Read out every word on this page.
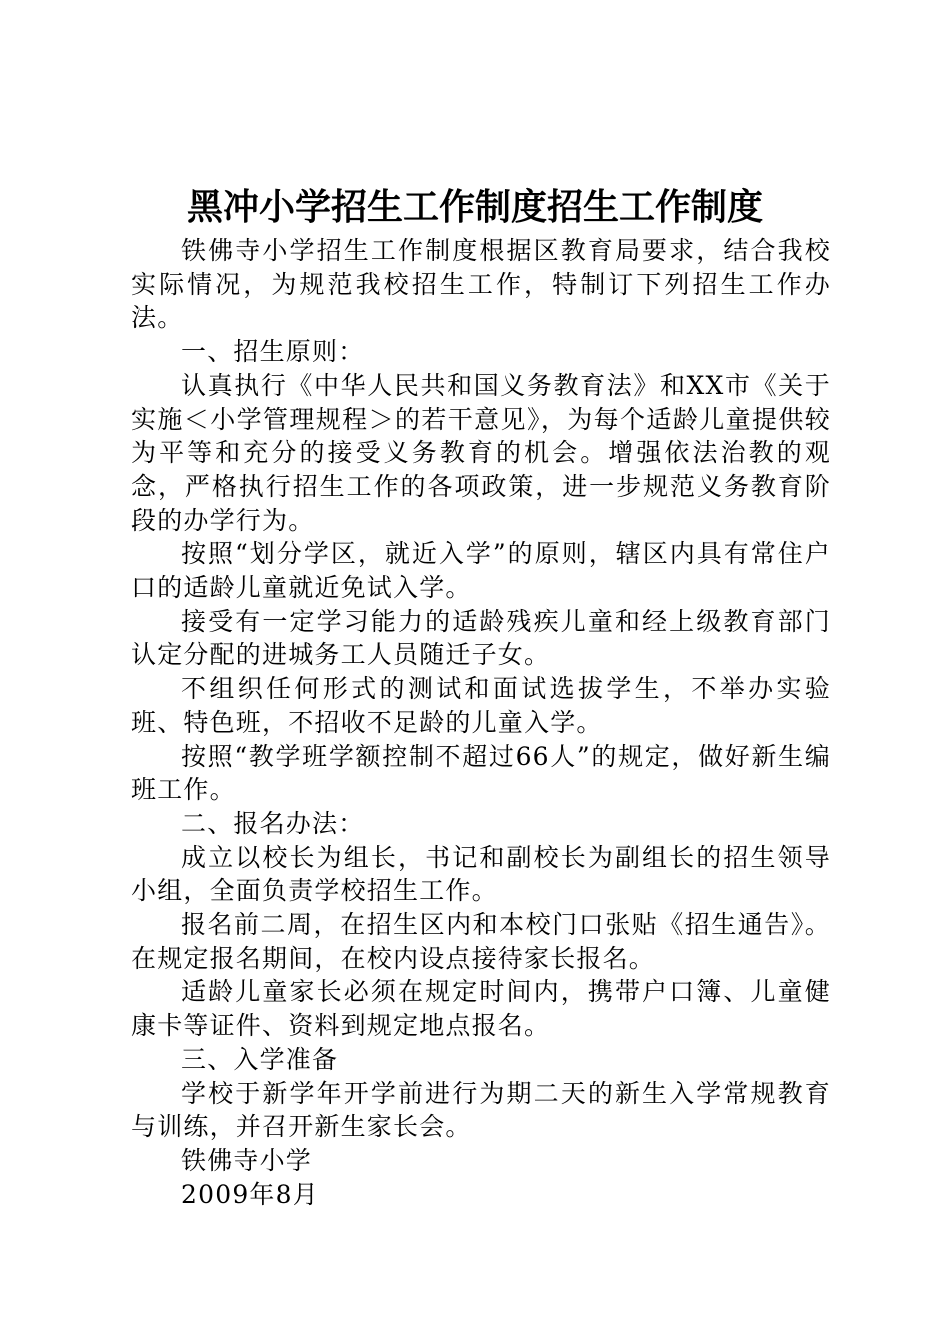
黑冲小学招生工作制度招生工作制度

铁佛寺小学招生工作制度根据区教育局要求，结合我校实际情况，为规范我校招生工作，特制订下列招生工作办法。

一、招生原则：

认真执行《中华人民共和国义务教育法》和XX市《关于实施＜小学管理规程＞的若干意见》，为每个适龄儿童提供较为平等和充分的接受义务教育的机会。增强依法治教的观念，严格执行招生工作的各项政策，进一步规范义务教育阶段的办学行为。

按照“划分学区，就近入学”的原则，辖区内具有常住户口的适龄儿童就近免试入学。

接受有一定学习能力的适龄残疾儿童和经上级教育部门认定分配的进城务工人员随迁子女。

不组织任何形式的测试和面试选拔学生，不举办实验班、特色班，不招收不足龄的儿童入学。

按照“教学班学额控制不超过66人”的规定，做好新生编班工作。

二、报名办法：

成立以校长为组长，书记和副校长为副组长的招生领导小组，全面负责学校招生工作。

报名前二周，在招生区内和本校门口张贴《招生通告》。在规定报名期间，在校内设点接待家长报名。

适龄儿童家长必须在规定时间内，携带户口簿、儿童健康卡等证件、资料到规定地点报名。

三、入学准备

学校于新学年开学前进行为期二天的新生入学常规教育与训练，并召开新生家长会。

铁佛寺小学

2009年8月
